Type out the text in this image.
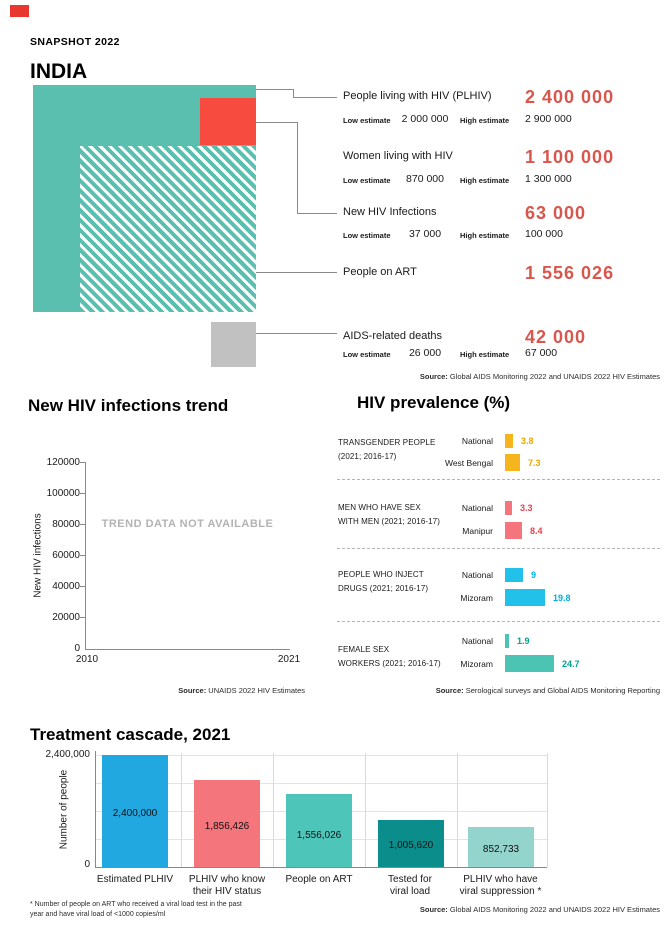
SNAPSHOT 2022
INDIA
People living with HIV (PLHIV) 2 400 000
Low estimate	2 000 000	High estimate 2 900 000
Women living with HIV	1 100 000
Low estimate	870 000	High estimate 1 300 000
New HIV Infections	63 000
Low estimate	37 000	High estimate 100 000
People on ART	1 556 026
AIDS-related deaths	42 000
Low estimate	26 000	High estimate 67 000
Source: Global AIDS Monitoring 2022 and UNAIDS 2022 HIV Estimates
New HIV infections trend
New HIV infections
120000
100000
80000
60000
40000
20000
0
TREND DATA NOT AVAILABLE
2010	2021
Source: UNAIDS 2022 HIV Estimates
HIV prevalence (%)
TRANSGENDER PEOPLE
(2021; 2016-17)
National	3.8
West Bengal	7.3
MEN WHO HAVE SEX
WITH MEN (2021; 2016-17)
National	3.3
Manipur	8.4
PEOPLE WHO INJECT
DRUGS (2021; 2016-17)
National	9
Mizoram	19.8
FEMALE SEX
WORKERS (2021; 2016-17)
National	1.9
Mizoram	24.7
Source: Serological surveys and Global AIDS Monitoring Reporting
Treatment cascade, 2021
Number of people
2,400,000
0
2,400,000
1,856,426
1,556,026
1,005,620	852,733
Estimated PLHIV	PLHIV who know
their HIV status
People on ART	Tested for
viral load
PLHIV who have
viral suppression *
* Number of people on ART who received a viral load test in the past
year and have viral load of <1000 copies/ml	Source: Global AIDS Monitoring 2022 and UNAIDS 2022 HIV Estimates
